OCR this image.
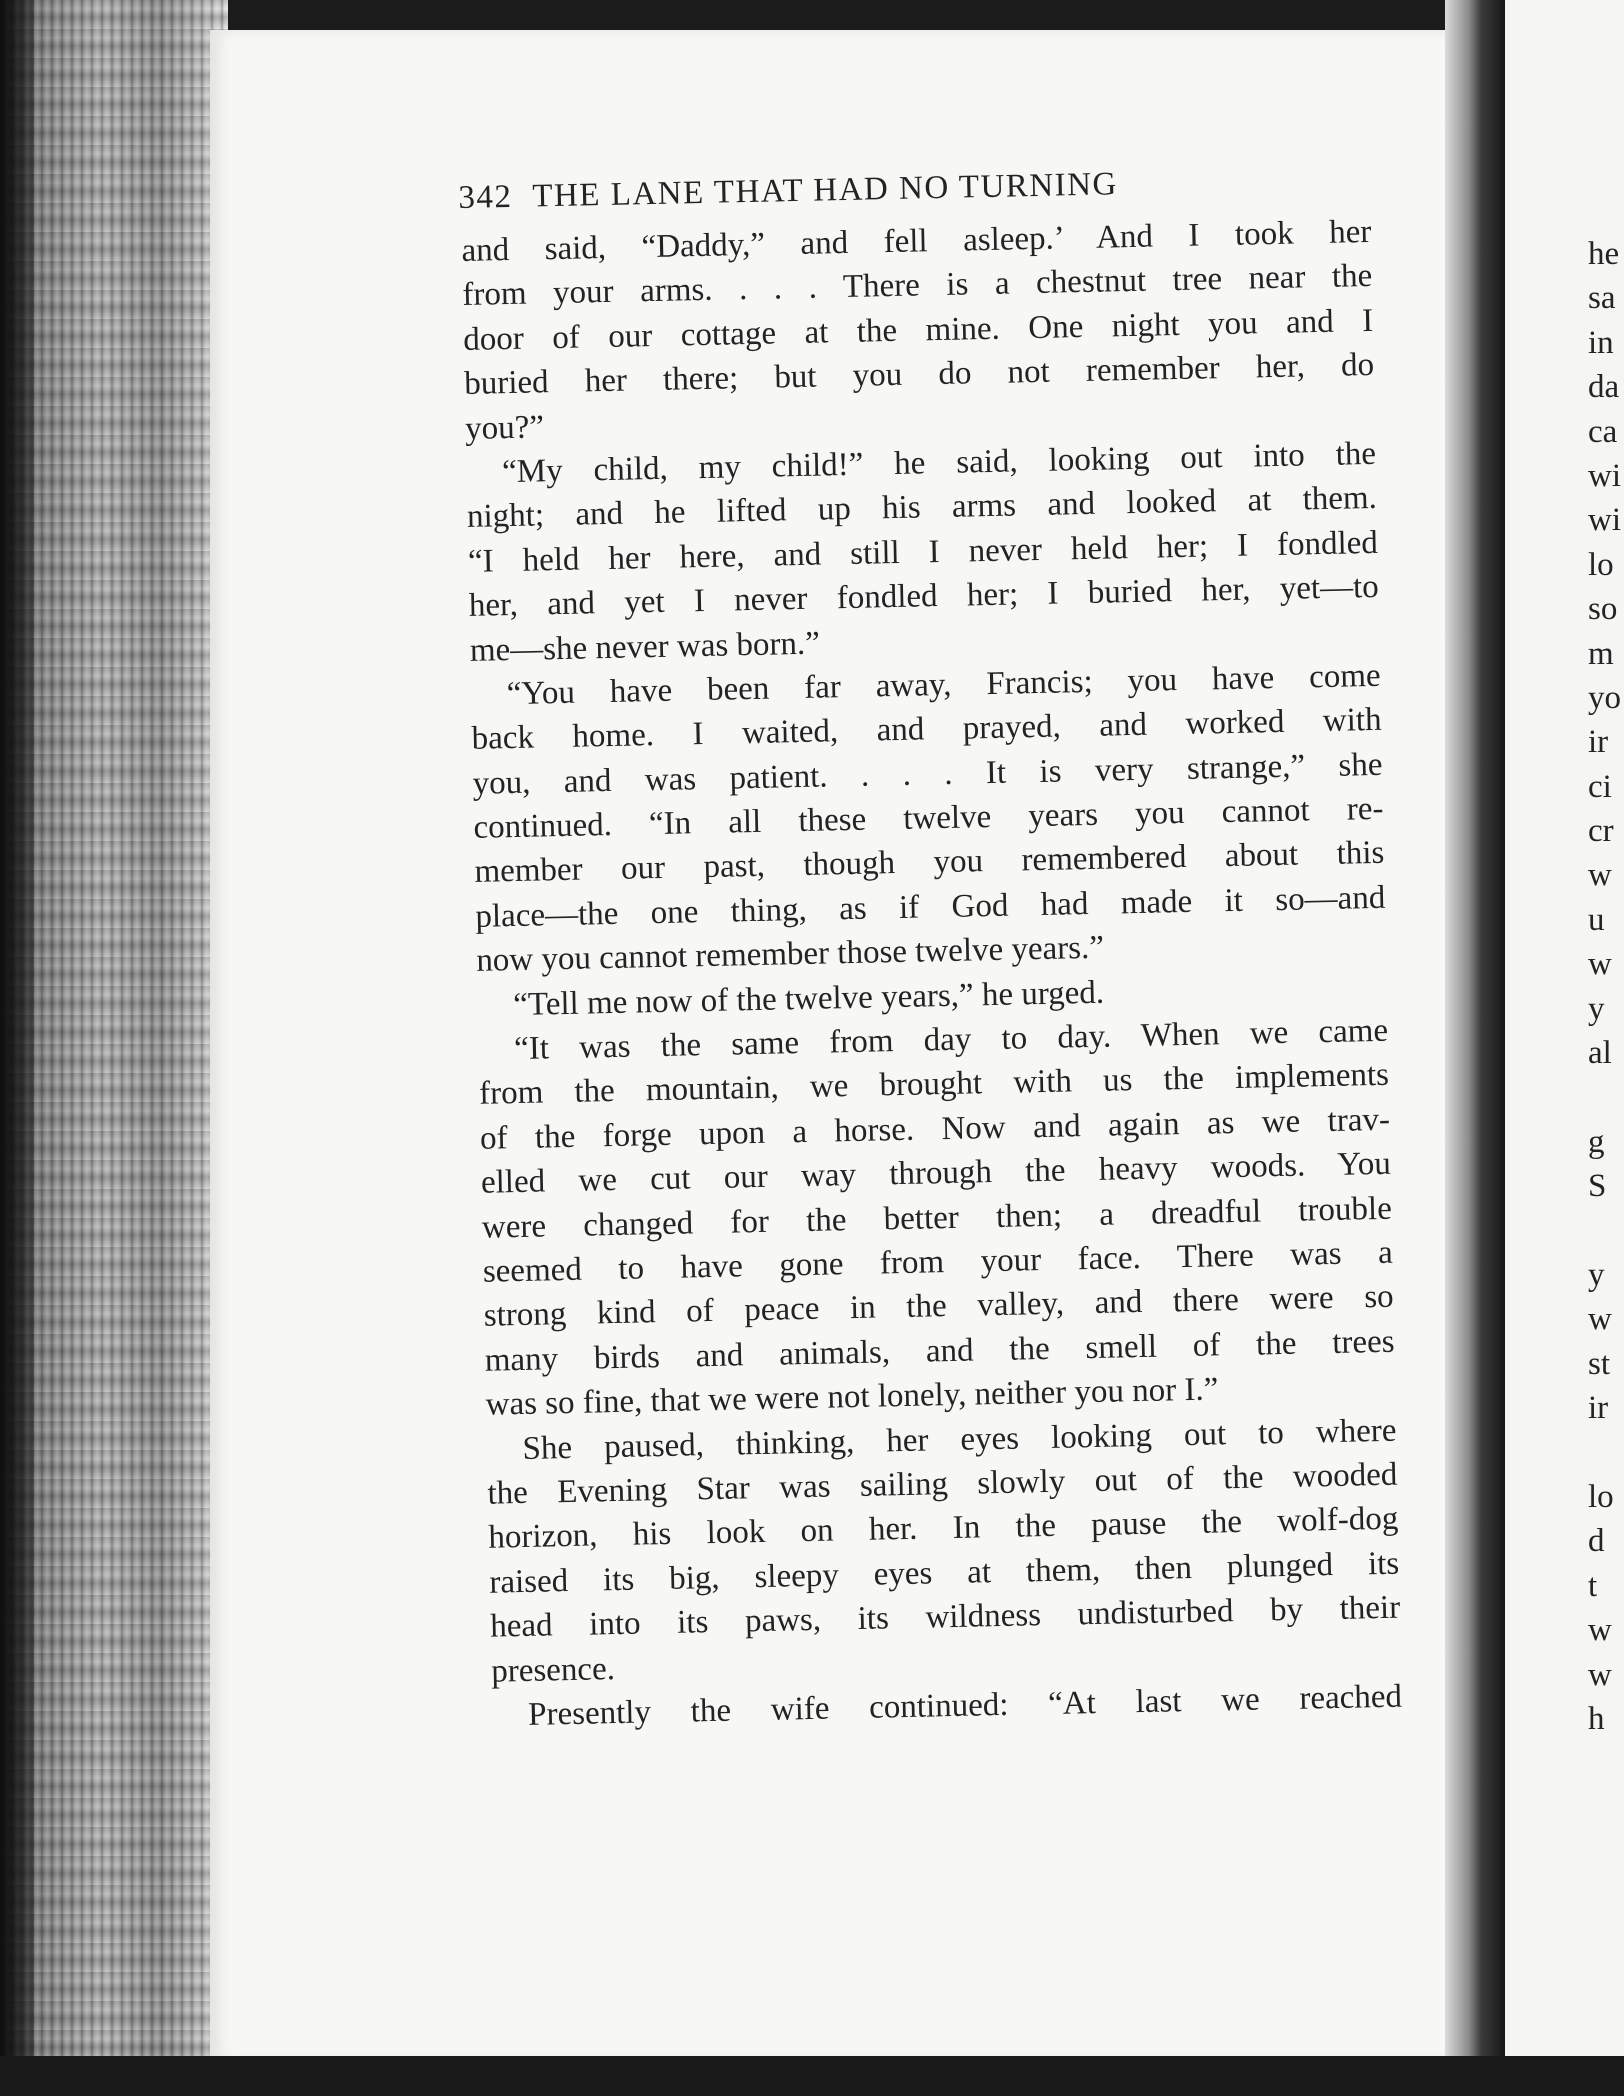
342 THE LANE THAT HAD NO TURNING
and said, “Daddy,” and fell asleep.’ And I took her
from your arms. . . . There is a chestnut tree near the
door of our cottage at the mine. One night you and I
buried her there; but you do not remember her, do
you?”
“My child, my child!” he said, looking out into the
night; and he lifted up his arms and looked at them.
“I held her here, and still I never held her; I fondled
her, and yet I never fondled her; I buried her, yet—to
me—she never was born.”
“You have been far away, Francis; you have come
back home. I waited, and prayed, and worked with
you, and was patient. . . . It is very strange,” she
continued. “In all these twelve years you cannot re-
member our past, though you remembered about this
place—the one thing, as if God had made it so—and
now you cannot remember those twelve years.”
“Tell me now of the twelve years,” he urged.
“It was the same from day to day. When we came
from the mountain, we brought with us the implements
of the forge upon a horse. Now and again as we trav-
elled we cut our way through the heavy woods. You
were changed for the better then; a dreadful trouble
seemed to have gone from your face. There was a
strong kind of peace in the valley, and there were so
many birds and animals, and the smell of the trees
was so fine, that we were not lonely, neither you nor I.”
She paused, thinking, her eyes looking out to where
the Evening Star was sailing slowly out of the wooded
horizon, his look on her. In the pause the wolf-dog
raised its big, sleepy eyes at them, then plunged its
head into its paws, its wildness undisturbed by their
presence.
Presently the wife continued: “At last we reached
he
sa
in
da
ca
wi
wi
lo
so
m
yo
ir
ci
cr
w
u
w
y
al
g
S
y
w
st
ir
lo
d
t
w
w
h
